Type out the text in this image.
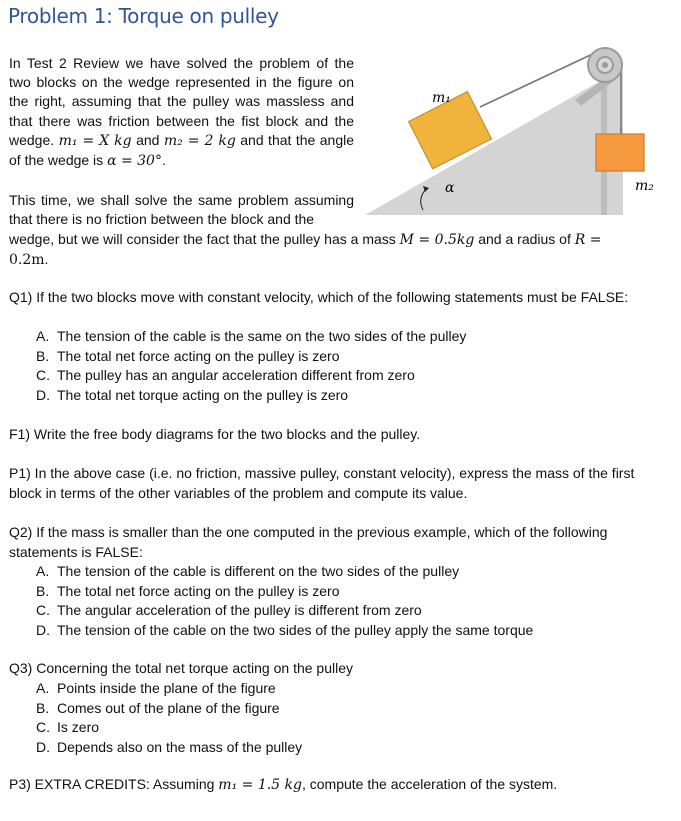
Problem 1: Torque on pulley

In Test 2 Review we have solved the problem of the two blocks on the wedge represented in the figure on the right, assuming that the pulley was massless and that there was friction between the fist block and the wedge. m₁ = X kg and m₂ = 2 kg and that the angle of the wedge is α = 30°.

m₁
m₂
α

This time, we shall solve the same problem assuming that there is no friction between the block and the

wedge, but we will consider the fact that the pulley has a mass M = 0.5kg and a radius of R =
0.2m.

Q1) If the two blocks move with constant velocity, which of the following statements must be FALSE:

A. The tension of the cable is the same on the two sides of the pulley
B. The total net force acting on the pulley is zero
C. The pulley has an angular acceleration different from zero
D. The total net torque acting on the pulley is zero

F1) Write the free body diagrams for the two blocks and the pulley.

P1) In the above case (i.e. no friction, massive pulley, constant velocity), express the mass of the first block in terms of the other variables of the problem and compute its value.

Q2) If the mass is smaller than the one computed in the previous example, which of the following statements is FALSE:

A. The tension of the cable is different on the two sides of the pulley
B. The total net force acting on the pulley is zero
C. The angular acceleration of the pulley is different from zero
D. The tension of the cable on the two sides of the pulley apply the same torque

Q3) Concerning the total net torque acting on the pulley

A. Points inside the plane of the figure
B. Comes out of the plane of the figure
C. Is zero
D. Depends also on the mass of the pulley

P3) EXTRA CREDITS: Assuming m₁ = 1.5 kg, compute the acceleration of the system.
